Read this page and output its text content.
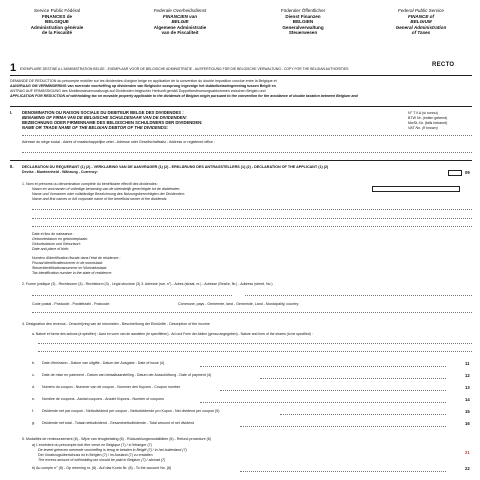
Service Public Fédéral
FINANCES de
BELGIQUE
Administration générale
de la Fiscalité
Federale Overheidsdienst
FINANCIEN van
BELGIE
Algemene Administratie
van de Fiscaliteit
Föderaler Öffentlicher
Dienst Finanzen
BELGIEN
Generalverwaltung
Steuerwesen
Federal Public Service
FINANCE of
BELGIUM
General Administration
of Taxes
1 EXEMPLAIRE DESTINE A L'ADMINISTRATION BELGE - EXEMPLAAR VOOR DE BELGISCHE ADMINISTRATIE - AUSFERTIGUNG FÜR DIE BELGISCHE VERWALTUNG - COPY FOR THE BELGIAN AUTHORITIES
RECTO
DEMANDE DE REDUCTION du précompte mobilier sur les dividendes d'origine belge en application de la convention du double imposition conclue entre la Belgique et
AANVRAAG OM VERMINDERING van roerende voorheffing op dividenden van Belgische oorsprong ingevolge het dubbelbelastingverdrag tussen België en
ANTRAG AUF ERMÄSSIGUNG des Mobiliensteuervorabzugs auf Dividenden belgischer Herkunft gemäß Doppelbesteuerungsabkommen zwischen Belgien und
APPLICATION FOR REDUCTION of withholding tax on movable property applicable to the dividends of Belgian origin pursuant to the convention for the avoidance of double taxation between Belgium and
I. DENOMINATION OU RAISON SOCIALE DU DEBITEUR BELGE DES DIVIDENDES :
BENAMING OF FIRMA VAN DE BELGISCHE SCHULDENAAR VAN DE DIVIDENDEN:
BEZEICHNUNG ODER FIRMENNAME DES BELGISCHEN SCHULDNERS DER DIVIDENDEN:
NAME OR TRADE NAME OF THE BELGIAN DEBTOR OF THE DIVIDENDS:
N° T.V.A (si connu)
BTW Nr. (indien gekend)
MwSt.-Nr. (falls bekannt)
VAT No. (if known)
Adresse du siège social - Adres of maatschappelijke zetel - Adresse oder Gesellschaftssitz - Address or registered office :
II. DECLARATION DU REQUERANT (1) (2) - VERKLARING VAN DE AANVRAGER (1) (2) - ERKLÄRUNG DES ANTRAGSTELLERS (1) (2) - DECLARATION OF THE APPLICANT (1) (2)
Devise - Munteenheid - Währung - Currency:	09
1. Nom et prénoms ou dénomination complète du bénéficiaire effectif des dividendes:
Naam en voornamen of volledige benaming van de uiteindelijk gerechtigde tot de dividenden:
Name und Vornamen oder vollständige Bezeichnung des Nutzungsberechtigten der Dividenden:
Name and first names or full corporate name of the beneficial owner of the dividends:
Date et lieu de naissance :
Geboortedatum en geboorteplaats:
Geburtsdatum und Geburtsort:
Date and place of birth:
Numéro d'identification fiscale dans l'état de résidence :
Fiscaal identificatienummer in de woonstaat:
Steueridentifikationsnummer im Wohnsitzstaat:
Tax identification number in the state of residence:
2. Forme juridique (3) - Rechtsvorm (3) - Rechtsform (3) - Legal structure (3) 3. Adresse (rue, n°) - Adres (straat, nr.) - Adresse (Straße, Nr.) - Address (street, No.)
Code postal - Postcode - Postleitzahl - Postcode:	Commune, pays - Gemeente, land - Gemeinde, Land - Municipality, country:
4. Désignation des revenus - Omschrijving van de inkomsten - Beschreibung der Einkünfte - Description of the income
a. Nature et forme des actions (à spécifier) : Aard en vorm van de aandelen (te specifiëren) - Art und Form der Aktien (genau angegeben) - Nature and form of the shares (to be specified) :
b. Date d'émission - Datum van uitgifte - Datum der Ausgabe - Date of issue (4)	11
c. Date de mise en paiement - Datum van betaalbaarstelling - Datum der Ausschüttung - Date of payment (4)	12
d. Numéro du coupon - Nummer van de coupon - Nummer des Kupons - Coupon number	13
e. Nombre de coupons - Aantal coupons - Anzahl Kupons - Number of coupons	14
f. Dividende net par coupon - Nettodividend per coupon - Nettodividende pro Kupon - Net dividend per coupon (5)	15
g. Dividende net total - Totaal nettodividend - Gesamtnettodividende - Total amount of net dividend	16
5. Modalités de remboursement (6) - Wijze van terugbetaling (6) - Rückzahlungsmodalitäten (6) - Refund procedure (6)
a) L'excédent du précompte doit être versé en Belgique (7) / à l'étranger (7)
De teveel geheven roerende voorheffing is terug te betalen in België (7) / in het buitenland (7)
Der Vorabzugsüberschuss ist in Belgien (7) / im Ausland (7) zu erstatten
The excess amount of withholding tax should be paid in Belgium (7) / abroad (7)
21
b) Au compte n° (8) - Op rekening nr. (8) - Auf das Konto Nr. (8) - To the account No. (8)	22
